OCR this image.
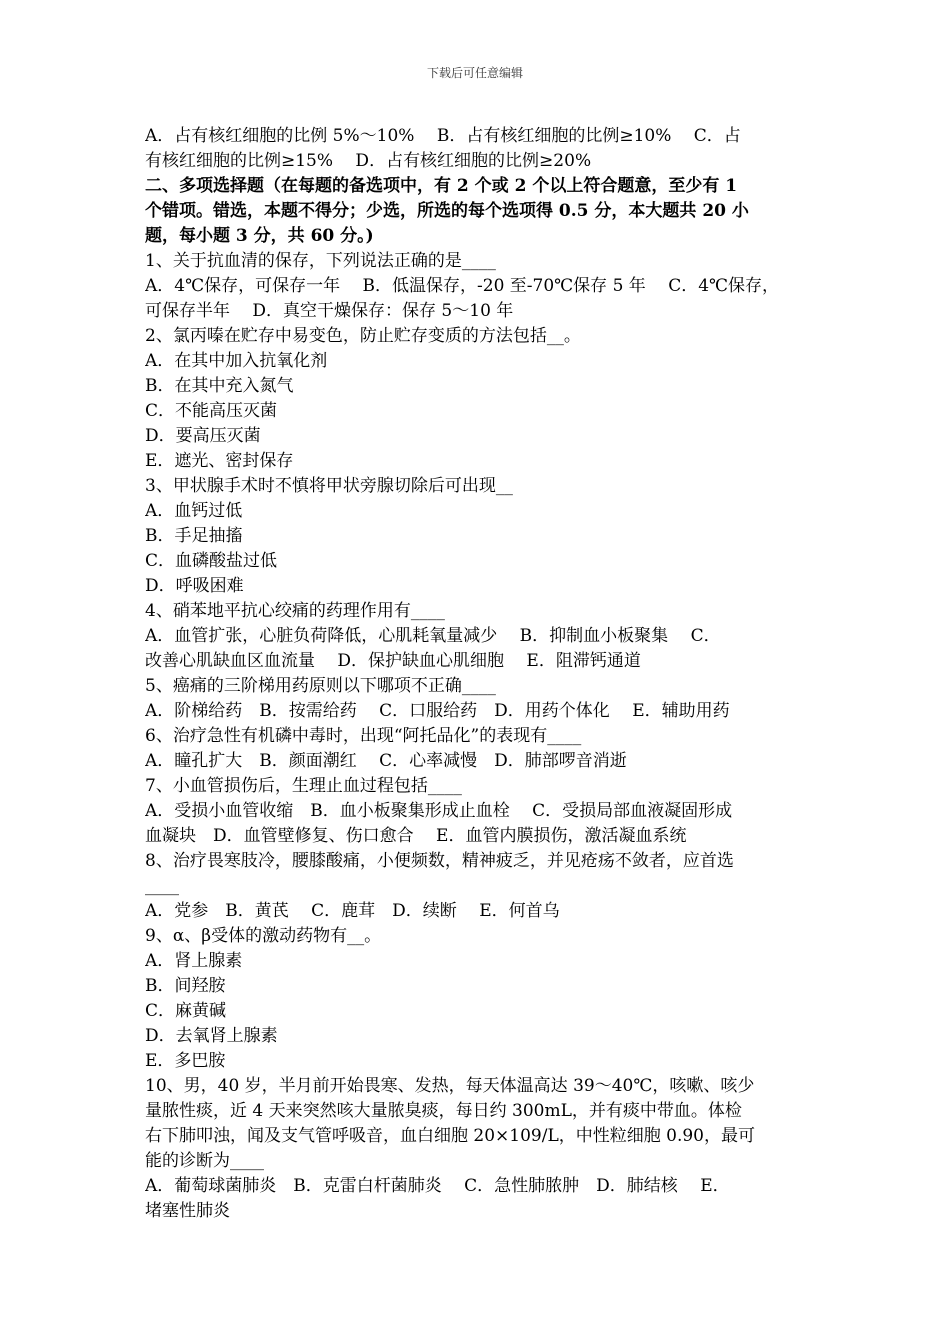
下载后可任意编辑
A．占有核红细胞的比例 5%～10%　 B．占有核红细胞的比例≥10%　 C．占
有核红细胞的比例≥15%　 D．占有核红细胞的比例≥20%
二、多项选择题（在每题的备选项中，有 2 个或 2 个以上符合题意，至少有 1
个错项。错选，本题不得分；少选，所选的每个选项得 0.5 分，本大题共 20 小
题，每小题 3 分，共 60 分。)
1、关于抗血清的保存，下列说法正确的是____
A．4℃保存，可保存一年　 B．低温保存，-20 至-70℃保存 5 年　 C．4℃保存，
可保存半年　 D．真空干燥保存：保存 5～10 年
2、氯丙嗪在贮存中易变色，防止贮存变质的方法包括__。
A．在其中加入抗氧化剂
B．在其中充入氮气
C．不能高压灭菌
D．要高压灭菌
E．遮光、密封保存
3、甲状腺手术时不慎将甲状旁腺切除后可出现__
A．血钙过低
B．手足抽搐
C．血磷酸盐过低
D．呼吸困难
4、硝苯地平抗心绞痛的药理作用有____
A．血管扩张，心脏负荷降低，心肌耗氧量减少　 B．抑制血小板聚集　 C．
改善心肌缺血区血流量　 D．保护缺血心肌细胞　 E．阻滞钙通道
5、癌痛的三阶梯用药原则以下哪项不正确____
A．阶梯给药　B．按需给药　 C．口服给药　D．用药个体化　 E．辅助用药
6、治疗急性有机磷中毒时，出现“阿托品化”的表现有____
A．瞳孔扩大　B．颜面潮红　 C．心率减慢　D．肺部啰音消逝
7、小血管损伤后，生理止血过程包括____
A．受损小血管收缩　B．血小板聚集形成止血栓　 C．受损局部血液凝固形成
血凝块　D．血管壁修复、伤口愈合　 E．血管内膜损伤，激活凝血系统
8、治疗畏寒肢冷，腰膝酸痛，小便频数，精神疲乏，并见疮疡不敛者，应首选
____
A．党参　B．黄芪　 C．鹿茸　D．续断　 E．何首乌
9、α、β受体的激动药物有__。
A．肾上腺素
B．间羟胺
C．麻黄碱
D．去氧肾上腺素
E．多巴胺
10、男，40 岁，半月前开始畏寒、发热，每天体温高达 39～40℃，咳嗽、咳少
量脓性痰，近 4 天来突然咳大量脓臭痰，每日约 300mL，并有痰中带血。体检
右下肺叩浊，闻及支气管呼吸音，血白细胞 20×109/L，中性粒细胞 0.90，最可
能的诊断为____
A．葡萄球菌肺炎　B．克雷白杆菌肺炎　 C．急性肺脓肿　D．肺结核　 E．
堵塞性肺炎
